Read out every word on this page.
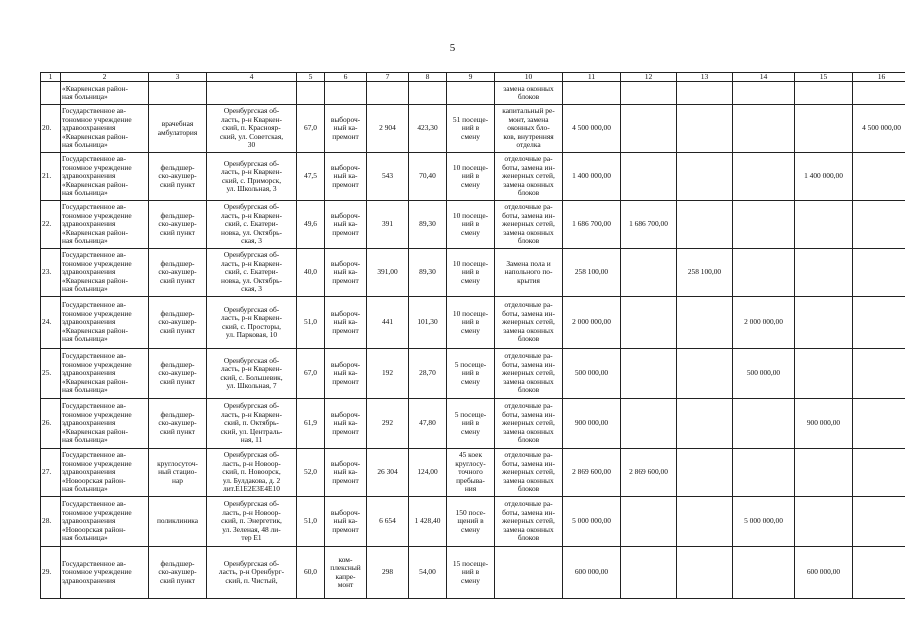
5
1	2	3	4	5	6	7	8	9	10	11	12	13	14	15	16

	«Кваркенская район-
ная больница»								замена оконных
блоков						

20.	Государственное ав-
тономное учреждение
здравоохранения
«Кваркенская район-
ная больница»	врачебная
амбулатория	Оренбургская об-
ласть, р-н Кваркен-
ский, п. Краснояр-
ский, ул. Советская,
30	67,0	выбороч-
ный ка-
премонт	2 904	423,30	51 посеще-
ний в
смену	капитальный ре-
монт, замена
оконных бло-
ков, внутренняя
отделка	4 500 000,00					4 500 000,00

21.	Государственное ав-
тономное учреждение
здравоохранения
«Кваркенская район-
ная больница»	фельдшер-
ско-акушер-
ский пункт	Оренбургская об-
ласть, р-н Кваркен-
ский, с. Приморск,
ул. Школьная, 3	47,5	выбороч-
ный ка-
премонт	543	70,40	10 посеще-
ний в
смену	отделочные ра-
боты, замена ин-
женерных сетей,
замена оконных
блоков	1 400 000,00				1 400 000,00	

22.	Государственное ав-
тономное учреждение
здравоохранения
«Кваркенская район-
ная больница»	фельдшер-
ско-акушер-
ский пункт	Оренбургская об-
ласть, р-н Кваркен-
ский, с. Екатери-
новка, ул. Октябрь-
ская, 3	49,6	выбороч-
ный ка-
премонт	391	89,30	10 посеще-
ний в
смену	отделочные ра-
боты, замена ин-
женерных сетей,
замена оконных
блоков	1 686 700,00	1 686 700,00				

23.	Государственное ав-
тономное учреждение
здравоохранения
«Кваркенская район-
ная больница»	фельдшер-
ско-акушер-
ский пункт	Оренбургская об-
ласть, р-н Кваркен-
ский, с. Екатери-
новка, ул. Октябрь-
ская, 3	40,0	выбороч-
ный ка-
премонт	391,00	89,30	10 посеще-
ний в
смену	Замена пола и
напольного по-
крытия	258 100,00		258 100,00			

24.	Государственное ав-
тономное учреждение
здравоохранения
«Кваркенская район-
ная больница»	фельдшер-
ско-акушер-
ский пункт	Оренбургская об-
ласть, р-н Кваркен-
ский, с. Просторы,
ул. Парковая, 10	51,0	выбороч-
ный ка-
премонт	441	101,30	10 посеще-
ний в
смену	отделочные ра-
боты, замена ин-
женерных сетей,
замена оконных
блоков	2 000 000,00			2 000 000,00		

25.	Государственное ав-
тономное учреждение
здравоохранения
«Кваркенская район-
ная больница»	фельдшер-
ско-акушер-
ский пункт	Оренбургская об-
ласть, р-н Кваркен-
ский, с. Большевик,
ул. Школьная, 7	67,0	выбороч-
ный ка-
премонт	192	28,70	5 посеще-
ний в
смену	отделочные ра-
боты, замена ин-
женерных сетей,
замена оконных
блоков	500 000,00			500 000,00		

26.	Государственное ав-
тономное учреждение
здравоохранения
«Кваркенская район-
ная больница»	фельдшер-
ско-акушер-
ский пункт	Оренбургская об-
ласть, р-н Кваркен-
ский, п. Октябрь-
ский, ул. Централь-
ная, 11	61,9	выбороч-
ный ка-
премонт	292	47,80	5 посеще-
ний в
смену	отделочные ра-
боты, замена ин-
женерных сетей,
замена оконных
блоков	900 000,00				900 000,00	

27.	Государственное ав-
тономное учреждение
здравоохранения
«Новоорская район-
ная больница»	круглосуточ-
ный стацио-
нар	Оренбургская об-
ласть, р-н Новоор-
ский, п. Новоорск,
ул. Булдакова, д. 2
лит.Е1Е2Е3Е4Е10	52,0	выбороч-
ный ка-
премонт	26 304	124,00	45 коек
круглосу-
точного
пребыва-
ния	отделочные ра-
боты, замена ин-
женерных сетей,
замена оконных
блоков	2 869 600,00	2 869 600,00				

28.	Государственное ав-
тономное учреждение
здравоохранения
«Новоорская район-
ная больница»	поликлиника	Оренбургская об-
ласть, р-н Новоор-
ский, п. Энергетик,
ул. Зеленая, 48 ли-
тер Е1	51,0	выбороч-
ный ка-
премонт	6 654	1 428,40	150 посе-
щений в
смену	отделочные ра-
боты, замена ин-
женерных сетей,
замена оконных
блоков	5 000 000,00			5 000 000,00		

29.	Государственное ав-
тономное учреждение
здравоохранения	фельдшер-
ско-акушер-
ский пункт	Оренбургская об-
ласть, р-н Оренбург-
ский, п. Чистый,	60,0	ком-
плексный
капре-
монт	298	54,00	15 посеще-
ний в
смену		600 000,00				600 000,00	
